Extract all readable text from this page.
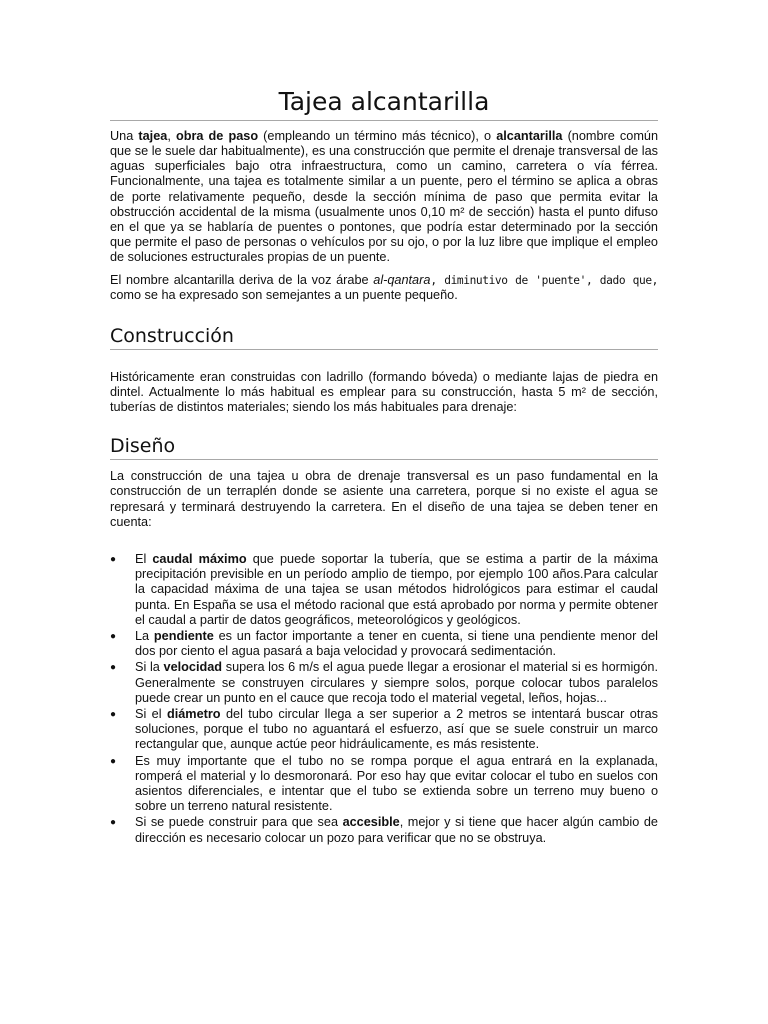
Tajea alcantarilla

Una tajea, obra de paso (empleando un término más técnico), o alcantarilla (nombre común que se le suele dar habitualmente), es una construcción que permite el drenaje transversal de las aguas superficiales bajo otra infraestructura, como un camino, carretera o vía férrea. Funcionalmente, una tajea es totalmente similar a un puente, pero el término se aplica a obras de porte relativamente pequeño, desde la sección mínima de paso que permita evitar la obstrucción accidental de la misma (usualmente unos 0,10 m² de sección) hasta el punto difuso en el que ya se hablaría de puentes o pontones, que podría estar determinado por la sección que permite el paso de personas o vehículos por su ojo, o por la luz libre que implique el empleo de soluciones estructurales propias de un puente.

El nombre alcantarilla deriva de la voz árabe al-qantara, diminutivo de 'puente', dado que, como se ha expresado son semejantes a un puente pequeño.

Construcción

Históricamente eran construidas con ladrillo (formando bóveda) o mediante lajas de piedra en dintel. Actualmente lo más habitual es emplear para su construcción, hasta 5 m² de sección, tuberías de distintos materiales; siendo los más habituales para drenaje:

Diseño

La construcción de una tajea u obra de drenaje transversal es un paso fundamental en la construcción de un terraplén donde se asiente una carretera, porque si no existe el agua se represará y terminará destruyendo la carretera. En el diseño de una tajea se deben tener en cuenta:

● El caudal máximo que puede soportar la tubería, que se estima a partir de la máxima precipitación previsible en un período amplio de tiempo, por ejemplo 100 años.Para calcular la capacidad máxima de una tajea se usan métodos hidrológicos para estimar el caudal punta. En España se usa el método racional que está aprobado por norma y permite obtener el caudal a partir de datos geográficos, meteorológicos y geológicos.
● La pendiente es un factor importante a tener en cuenta, si tiene una pendiente menor del dos por ciento el agua pasará a baja velocidad y provocará sedimentación.
● Si la velocidad supera los 6 m/s el agua puede llegar a erosionar el material si es hormigón. Generalmente se construyen circulares y siempre solos, porque colocar tubos paralelos puede crear un punto en el cauce que recoja todo el material vegetal, leños, hojas...
● Si el diámetro del tubo circular llega a ser superior a 2 metros se intentará buscar otras soluciones, porque el tubo no aguantará el esfuerzo, así que se suele construir un marco rectangular que, aunque actúe peor hidráulicamente, es más resistente.
● Es muy importante que el tubo no se rompa porque el agua entrará en la explanada, romperá el material y lo desmoronará. Por eso hay que evitar colocar el tubo en suelos con asientos diferenciales, e intentar que el tubo se extienda sobre un terreno muy bueno o sobre un terreno natural resistente.
● Si se puede construir para que sea accesible, mejor y si tiene que hacer algún cambio de dirección es necesario colocar un pozo para verificar que no se obstruya.
